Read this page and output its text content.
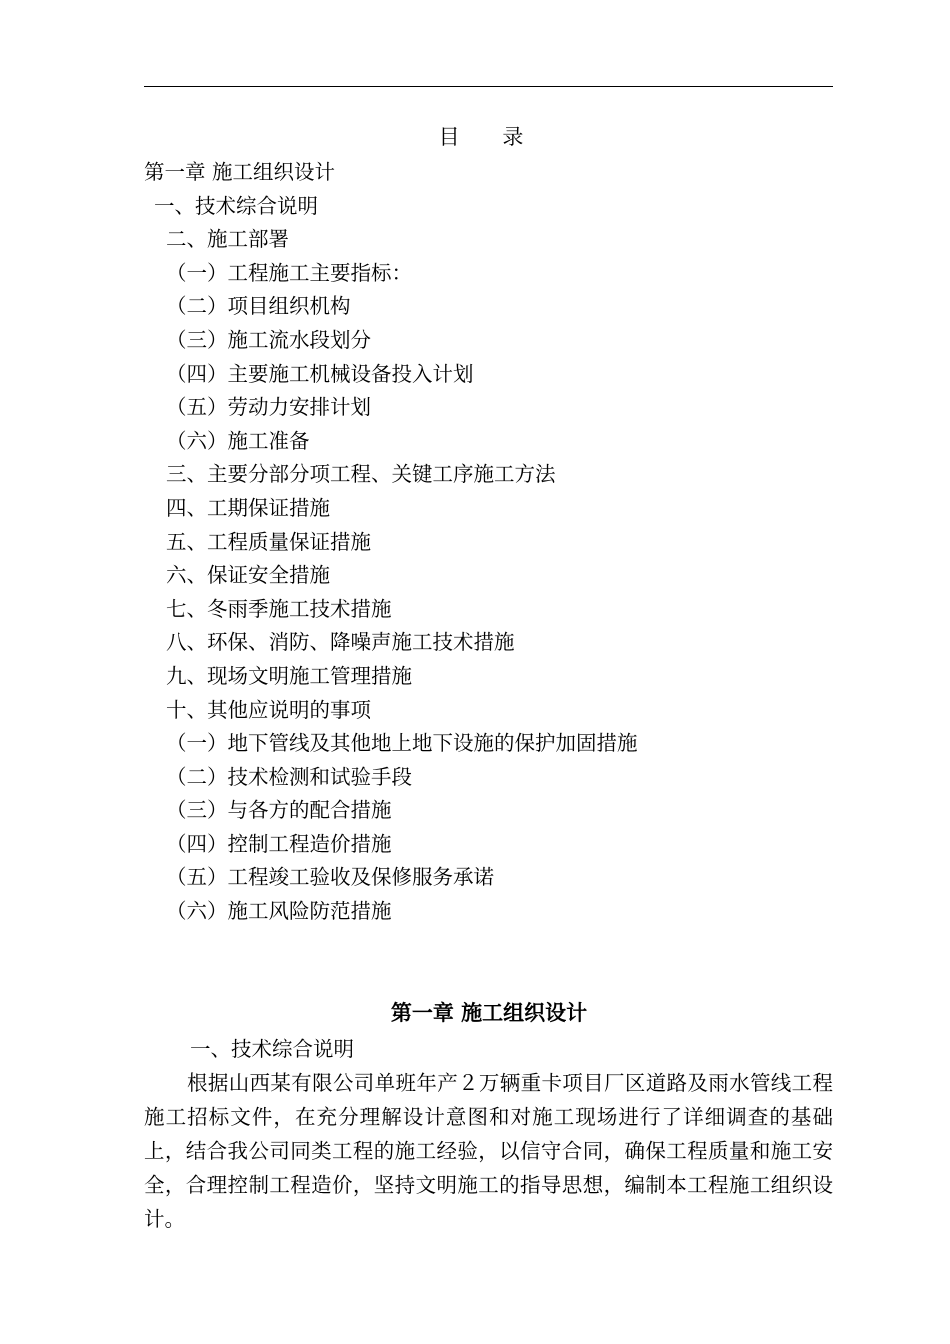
目 录
第一章 施工组织设计
一、技术综合说明
二、施工部署
（一）工程施工主要指标：
（二）项目组织机构
（三）施工流水段划分
（四）主要施工机械设备投入计划
（五）劳动力安排计划
（六）施工准备
三、主要分部分项工程、关键工序施工方法
四、工期保证措施
五、工程质量保证措施
六、保证安全措施
七、冬雨季施工技术措施
八、环保、消防、降噪声施工技术措施
九、现场文明施工管理措施
十、其他应说明的事项
（一）地下管线及其他地上地下设施的保护加固措施
（二）技术检测和试验手段
（三）与各方的配合措施
（四）控制工程造价措施
（五）工程竣工验收及保修服务承诺
（六）施工风险防范措施
第一章 施工组织设计
一、技术综合说明

根据山西某有限公司单班年产２万辆重卡项目厂区道路及雨水管线工程施工招标文件，在充分理解设计意图和对施工现场进行了详细调查的基础上，结合我公司同类工程的施工经验，以信守合同，确保工程质量和施工安全，合理控制工程造价，坚持文明施工的指导思想，编制本工程施工组织设计。
